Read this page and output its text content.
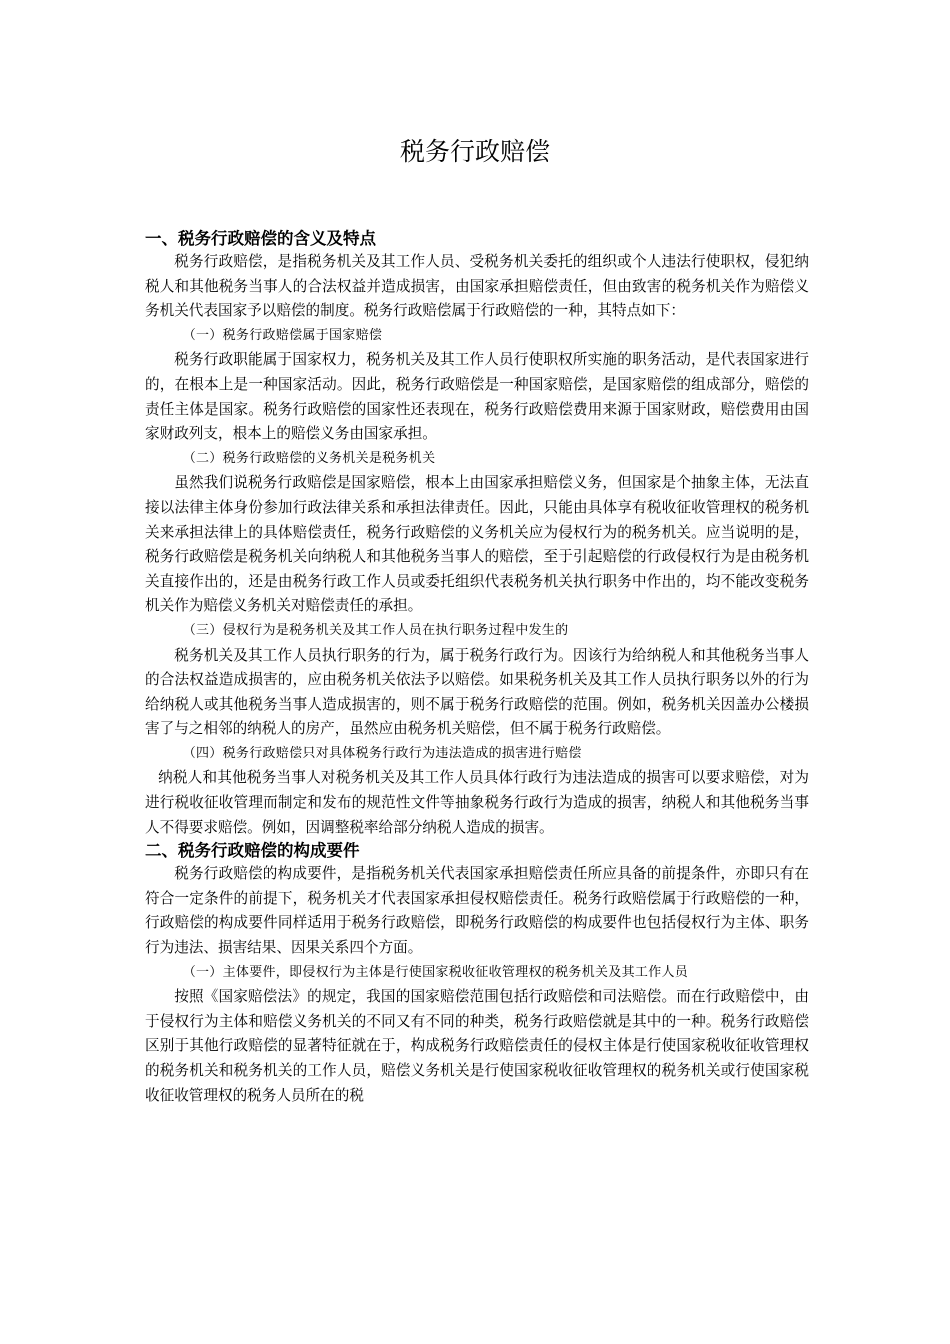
税务行政赔偿
一、税务行政赔偿的含义及特点

税务行政赔偿，是指税务机关及其工作人员、受税务机关委托的组织或个人违法行使职权，侵犯纳税人和其他税务当事人的合法权益并造成损害，由国家承担赔偿责任，但由致害的税务机关作为赔偿义务机关代表国家予以赔偿的制度。税务行政赔偿属于行政赔偿的一种，其特点如下：

（一）税务行政赔偿属于国家赔偿

税务行政职能属于国家权力，税务机关及其工作人员行使职权所实施的职务活动，是代表国家进行的，在根本上是一种国家活动。因此，税务行政赔偿是一种国家赔偿，是国家赔偿的组成部分，赔偿的责任主体是国家。税务行政赔偿的国家性还表现在，税务行政赔偿费用来源于国家财政，赔偿费用由国家财政列支，根本上的赔偿义务由国家承担。

（二）税务行政赔偿的义务机关是税务机关

虽然我们说税务行政赔偿是国家赔偿，根本上由国家承担赔偿义务，但国家是个抽象主体，无法直接以法律主体身份参加行政法律关系和承担法律责任。因此，只能由具体享有税收征收管理权的税务机关来承担法律上的具体赔偿责任，税务行政赔偿的义务机关应为侵权行为的税务机关。应当说明的是，税务行政赔偿是税务机关向纳税人和其他税务当事人的赔偿，至于引起赔偿的行政侵权行为是由税务机关直接作出的，还是由税务行政工作人员或委托组织代表税务机关执行职务中作出的，均不能改变税务机关作为赔偿义务机关对赔偿责任的承担。

（三）侵权行为是税务机关及其工作人员在执行职务过程中发生的

税务机关及其工作人员执行职务的行为，属于税务行政行为。因该行为给纳税人和其他税务当事人的合法权益造成损害的，应由税务机关依法予以赔偿。如果税务机关及其工作人员执行职务以外的行为给纳税人或其他税务当事人造成损害的，则不属于税务行政赔偿的范围。例如，税务机关因盖办公楼损害了与之相邻的纳税人的房产，虽然应由税务机关赔偿，但不属于税务行政赔偿。

（四）税务行政赔偿只对具体税务行政行为违法造成的损害进行赔偿

纳税人和其他税务当事人对税务机关及其工作人员具体行政行为违法造成的损害可以要求赔偿，对为进行税收征收管理而制定和发布的规范性文件等抽象税务行政行为造成的损害，纳税人和其他税务当事人不得要求赔偿。例如，因调整税率给部分纳税人造成的损害。

二、税务行政赔偿的构成要件

税务行政赔偿的构成要件，是指税务机关代表国家承担赔偿责任所应具备的前提条件，亦即只有在符合一定条件的前提下，税务机关才代表国家承担侵权赔偿责任。税务行政赔偿属于行政赔偿的一种，行政赔偿的构成要件同样适用于税务行政赔偿，即税务行政赔偿的构成要件也包括侵权行为主体、职务行为违法、损害结果、因果关系四个方面。

（一）主体要件，即侵权行为主体是行使国家税收征收管理权的税务机关及其工作人员

按照《国家赔偿法》的规定，我国的国家赔偿范围包括行政赔偿和司法赔偿。而在行政赔偿中，由于侵权行为主体和赔偿义务机关的不同又有不同的种类，税务行政赔偿就是其中的一种。税务行政赔偿区别于其他行政赔偿的显著特征就在于，构成税务行政赔偿责任的侵权主体是行使国家税收征收管理权的税务机关和税务机关的工作人员，赔偿义务机关是行使国家税收征收管理权的税务机关或行使国家税收征收管理权的税务人员所在的税
